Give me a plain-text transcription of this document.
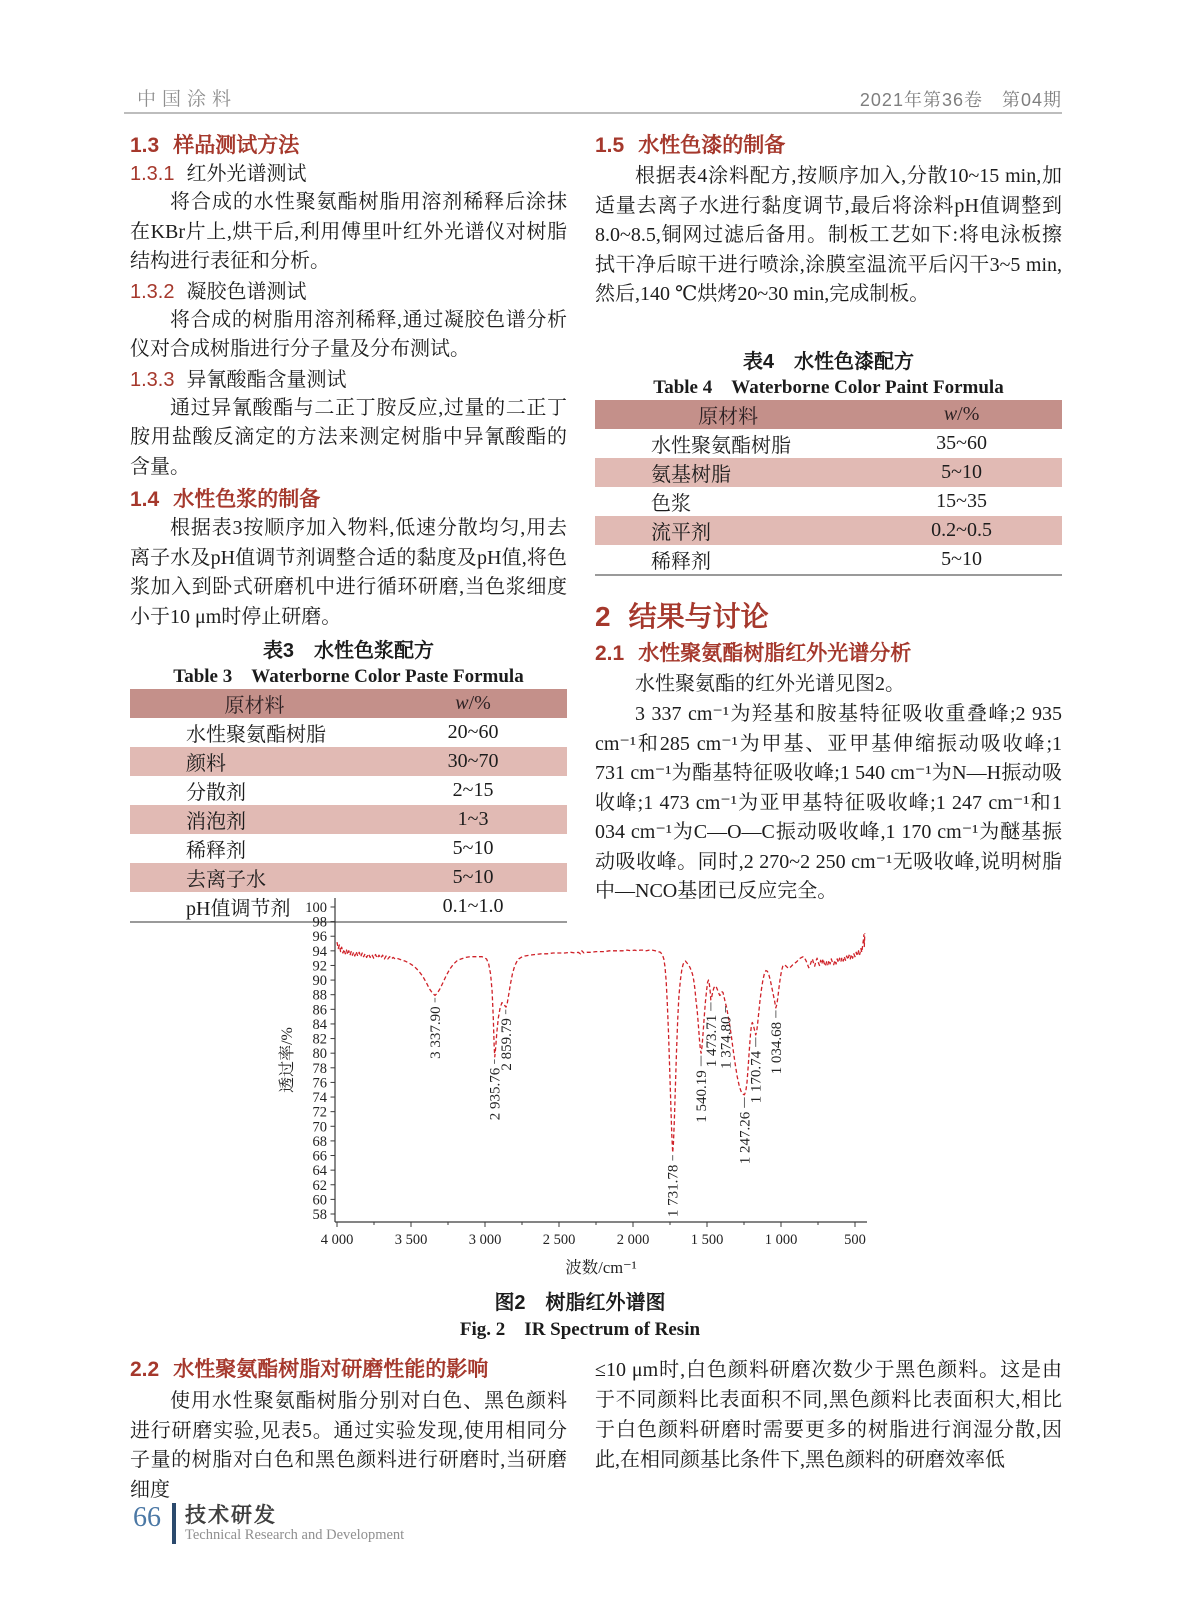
中国涂料	2021年第36卷　第04期
1.3 样品测试方法
1.3.1 红外光谱测试

将合成的水性聚氨酯树脂用溶剂稀释后涂抹在KBr片上,烘干后,利用傅里叶红外光谱仪对树脂结构进行表征和分析。

1.3.2 凝胶色谱测试

将合成的树脂用溶剂稀释,通过凝胶色谱分析仪对合成树脂进行分子量及分布测试。

1.3.3 异氰酸酯含量测试

通过异氰酸酯与二正丁胺反应,过量的二正丁胺用盐酸反滴定的方法来测定树脂中异氰酸酯的含量。

1.4 水性色浆的制备

根据表3按顺序加入物料,低速分散均匀,用去离子水及pH值调节剂调整合适的黏度及pH值,将色浆加入到卧式研磨机中进行循环研磨,当色浆细度小于10 μm时停止研磨。

表3　水性色浆配方
Table 3　Waterborne Color Paste Formula
原材料	w/%
水性聚氨酯树脂	20~60
颜料	30~70
分散剂	2~15
消泡剂	1~3
稀释剂	5~10
去离子水	5~10
pH值调节剂	0.1~1.0
1.5 水性色漆的制备

根据表4涂料配方,按顺序加入,分散10~15 min,加适量去离子水进行黏度调节,最后将涂料pH值调整到8.0~8.5,铜网过滤后备用。制板工艺如下:将电泳板擦拭干净后晾干进行喷涂,涂膜室温流平后闪干3~5 min,然后,140 ℃烘烤20~30 min,完成制板。

表4　水性色漆配方
Table 4　Waterborne Color Paint Formula
原材料	w/%
水性聚氨酯树脂	35~60
氨基树脂	5~10
色浆	15~35
流平剂	0.2~0.5
稀释剂	5~10
2 结果与讨论
2.1 水性聚氨酯树脂红外光谱分析

水性聚氨酯的红外光谱见图2。

3 337 cm⁻¹为羟基和胺基特征吸收重叠峰;2 935 cm⁻¹和285 cm⁻¹为甲基、亚甲基伸缩振动吸收峰;1 731 cm⁻¹为酯基特征吸收峰;1 540 cm⁻¹为N—H振动吸收峰;1 473 cm⁻¹为亚甲基特征吸收峰;1 247 cm⁻¹和1 034 cm⁻¹为C—O—C振动吸收峰,1 170 cm⁻¹为醚基振动吸收峰。同时,2 270~2 250 cm⁻¹无吸收峰,说明树脂中—NCO基团已反应完全。

58
60
62
64
66
68
70
72
74
76
78
80
82
84
86
88
90
92
94
96
98
100
4 000	3 500	3 000	2 500	2 000	1 500	1 000	500
透过率/%
波数/cm⁻¹
3 337.90
2 935.76
2 859.79
1 731.78
1 540.19
1 473.71
1 374.80
1 247.26
1 170.74
1 034.68
图2　树脂红外谱图
Fig. 2　IR Spectrum of Resin
2.2 水性聚氨酯树脂对研磨性能的影响

使用水性聚氨酯树脂分别对白色、黑色颜料进行研磨实验,见表5。通过实验发现,使用相同分子量的树脂对白色和黑色颜料进行研磨时,当研磨细度

≤10 μm时,白色颜料研磨次数少于黑色颜料。这是由于不同颜料比表面积不同,黑色颜料比表面积大,相比于白色颜料研磨时需要更多的树脂进行润湿分散,因此,在相同颜基比条件下,黑色颜料的研磨效率低

66 技术研发
Technical Research and Development
